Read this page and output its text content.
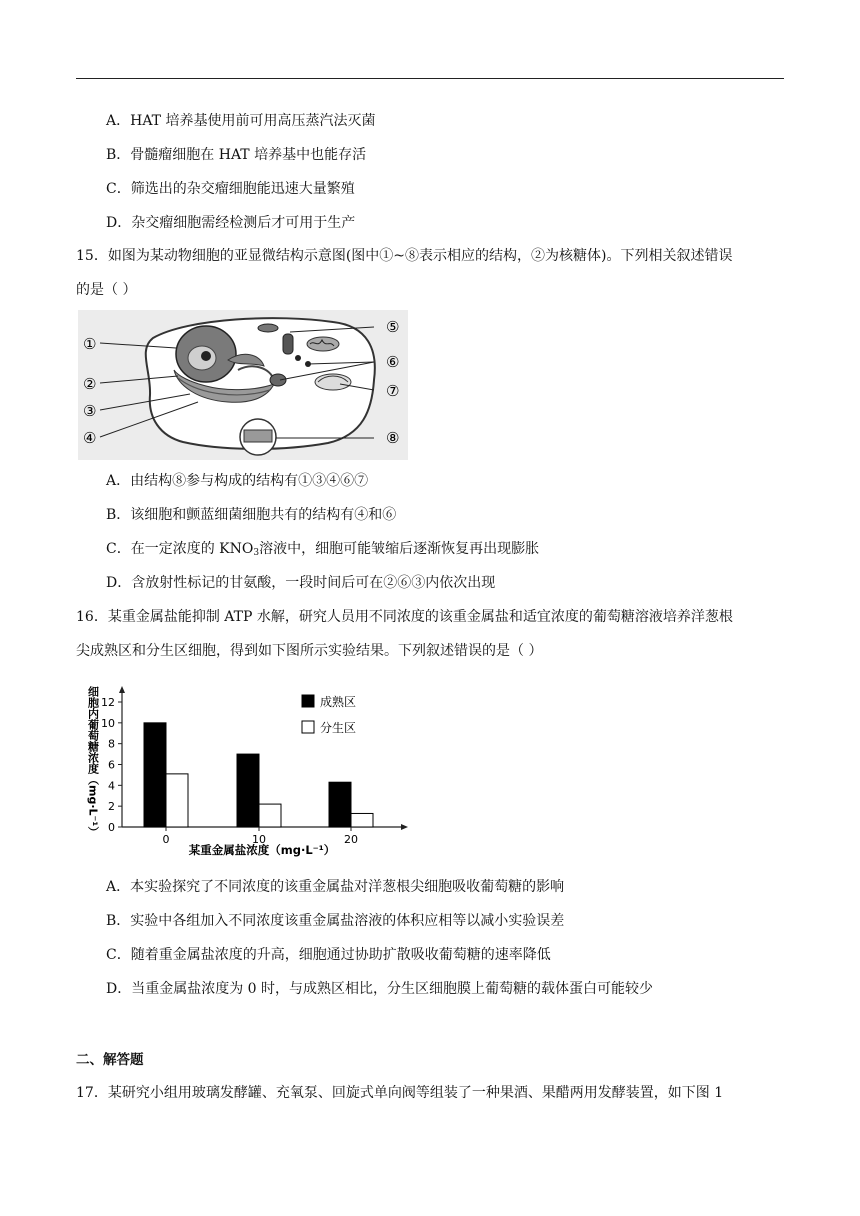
A．HAT 培养基使用前可用高压蒸汽法灭菌
B．骨髓瘤细胞在 HAT 培养基中也能存活
C．筛选出的杂交瘤细胞能迅速大量繁殖
D．杂交瘤细胞需经检测后才可用于生产
15．如图为某动物细胞的亚显微结构示意图(图中①~⑧表示相应的结构，②为核糖体)。下列相关叙述错误
的是（ ）
①
②
③
④
⑤
⑥
⑦
⑧
A．由结构⑧参与构成的结构有①③④⑥⑦
B．该细胞和颤蓝细菌细胞共有的结构有④和⑥
C．在一定浓度的 $KNO_3$溶液中，细胞可能皱缩后逐渐恢复再出现膨胀
D．含放射性标记的甘氨酸，一段时间后可在②⑥③内依次出现
16．某重金属盐能抑制 ATP 水解，研究人员用不同浓度的该重金属盐和适宜浓度的葡萄糖溶液培养洋葱根
尖成熟区和分生区细胞，得到如下图所示实验结果。下列叙述错误的是（ ）
细胞内葡萄糖浓度（mg·L⁻¹） 0
2
4
6
8
10
12
0	10	20
成熟区
分生区
某重金属盐浓度（mg·L⁻¹）
A．本实验探究了不同浓度的该重金属盐对洋葱根尖细胞吸收葡萄糖的影响
B．实验中各组加入不同浓度该重金属盐溶液的体积应相等以减小实验误差
C．随着重金属盐浓度的升高，细胞通过协助扩散吸收葡萄糖的速率降低
D．当重金属盐浓度为 0 时，与成熟区相比，分生区细胞膜上葡萄糖的载体蛋白可能较少
二、解答题
17．某研究小组用玻璃发酵罐、充氧泵、回旋式单向阀等组装了一种果酒、果醋两用发酵装置，如下图 1
